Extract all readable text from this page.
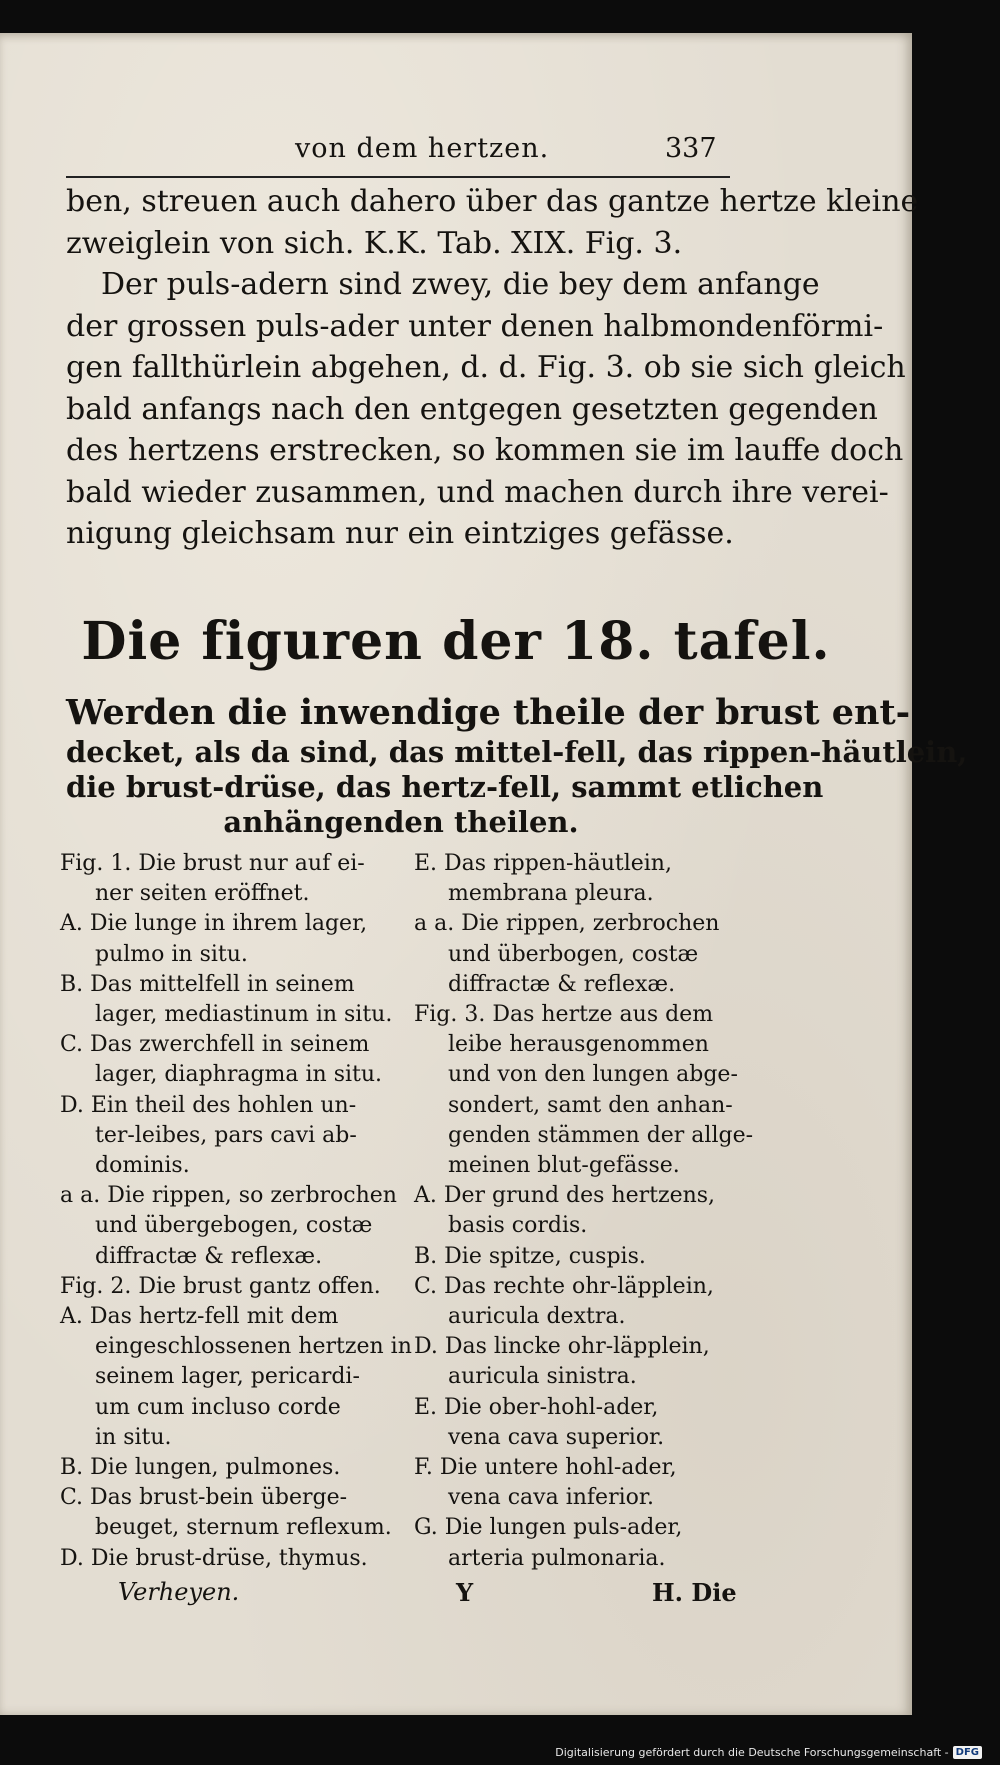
von dem hertzen.	337
ben, streuen auch dahero über das gantze hertze kleine
zweiglein von sich. K.K. Tab. XIX. Fig. 3.
Der puls-adern sind zwey, die bey dem anfange
der grossen puls-ader unter denen halbmondenförmi-
gen fallthürlein abgehen, d. d. Fig. 3. ob sie sich gleich
bald anfangs nach den entgegen gesetzten gegenden
des hertzens erstrecken, so kommen sie im lauffe doch
bald wieder zusammen, und machen durch ihre verei-
nigung gleichsam nur ein eintziges gefässe.
Die figuren der 18. tafel.
Werden die inwendige theile der brust ent-
decket, als da sind, das mittel-fell, das rippen-häutlein,
die brust-drüse, das hertz-fell, sammt etlichen
anhängenden theilen.
Fig. 1. Die brust nur auf ei-
ner seiten eröffnet.
A. Die lunge in ihrem lager,
pulmo in situ.
B. Das mittelfell in seinem
lager, mediastinum in situ.
C. Das zwerchfell in seinem
lager, diaphragma in situ.
D. Ein theil des hohlen un-
ter-leibes, pars cavi ab-
dominis.
a a. Die rippen, so zerbrochen
und übergebogen, costæ
diffractæ & reflexæ.
Fig. 2. Die brust gantz offen.
A. Das hertz-fell mit dem
eingeschlossenen hertzen in
seinem lager, pericardi-
um cum incluso corde
in situ.
B. Die lungen, pulmones.
C. Das brust-bein überge-
beuget, sternum reflexum.
D. Die brust-drüse, thymus.
E. Das rippen-häutlein,
membrana pleura.
a a. Die rippen, zerbrochen
und überbogen, costæ
diffractæ & reflexæ.
Fig. 3. Das hertze aus dem
leibe herausgenommen
und von den lungen abge-
sondert, samt den anhan-
genden stämmen der allge-
meinen blut-gefässe.
A. Der grund des hertzens,
basis cordis.
B. Die spitze, cuspis.
C. Das rechte ohr-läpplein,
auricula dextra.
D. Das lincke ohr-läpplein,
auricula sinistra.
E. Die ober-hohl-ader,
vena cava superior.
F. Die untere hohl-ader,
vena cava inferior.
G. Die lungen puls-ader,
arteria pulmonaria.
Verheyen.	Y	H. Die
Digitalisierung gefördert durch die Deutsche Forschungsgemeinschaft - DFG
